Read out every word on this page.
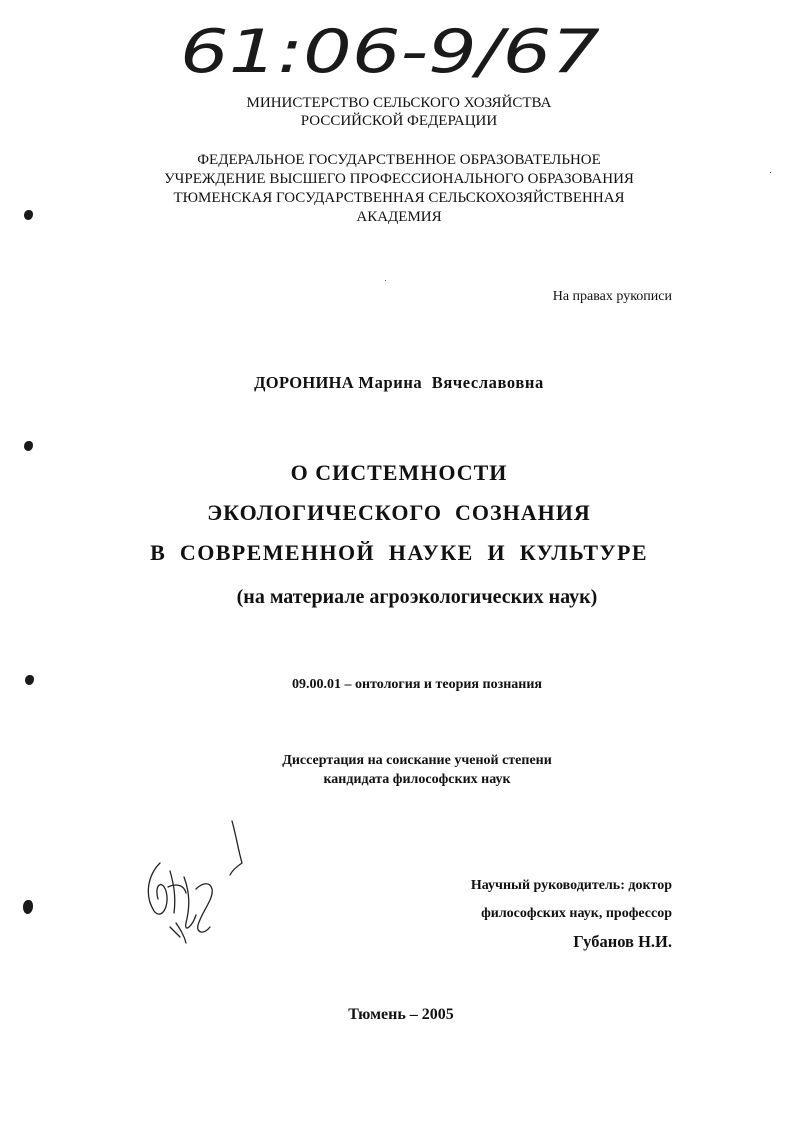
61:06-9/67
МИНИСТЕРСТВО СЕЛЬСКОГО ХОЗЯЙСТВА
РОССИЙСКОЙ ФЕДЕРАЦИИ
ФЕДЕРАЛЬНОЕ ГОСУДАРСТВЕННОЕ ОБРАЗОВАТЕЛЬНОЕ
УЧРЕЖДЕНИЕ ВЫСШЕГО ПРОФЕССИОНАЛЬНОГО ОБРАЗОВАНИЯ
ТЮМЕНСКАЯ ГОСУДАРСТВЕННАЯ СЕЛЬСКОХОЗЯЙСТВЕННАЯ
АКАДЕМИЯ
На правах рукописи
ДОРОНИНА Марина  Вячеславовна
О СИСТЕМНОСТИ
ЭКОЛОГИЧЕСКОГО  СОЗНАНИЯ
В  СОВРЕМЕННОЙ  НАУКЕ  И  КУЛЬТУРЕ
(на материале агроэкологических наук)
09.00.01 – онтология и теория познания
Диссертация на соискание ученой степени
кандидата философских наук
Научный руководитель: доктор
философских наук, профессор
Губанов Н.И.
Тюмень – 2005
